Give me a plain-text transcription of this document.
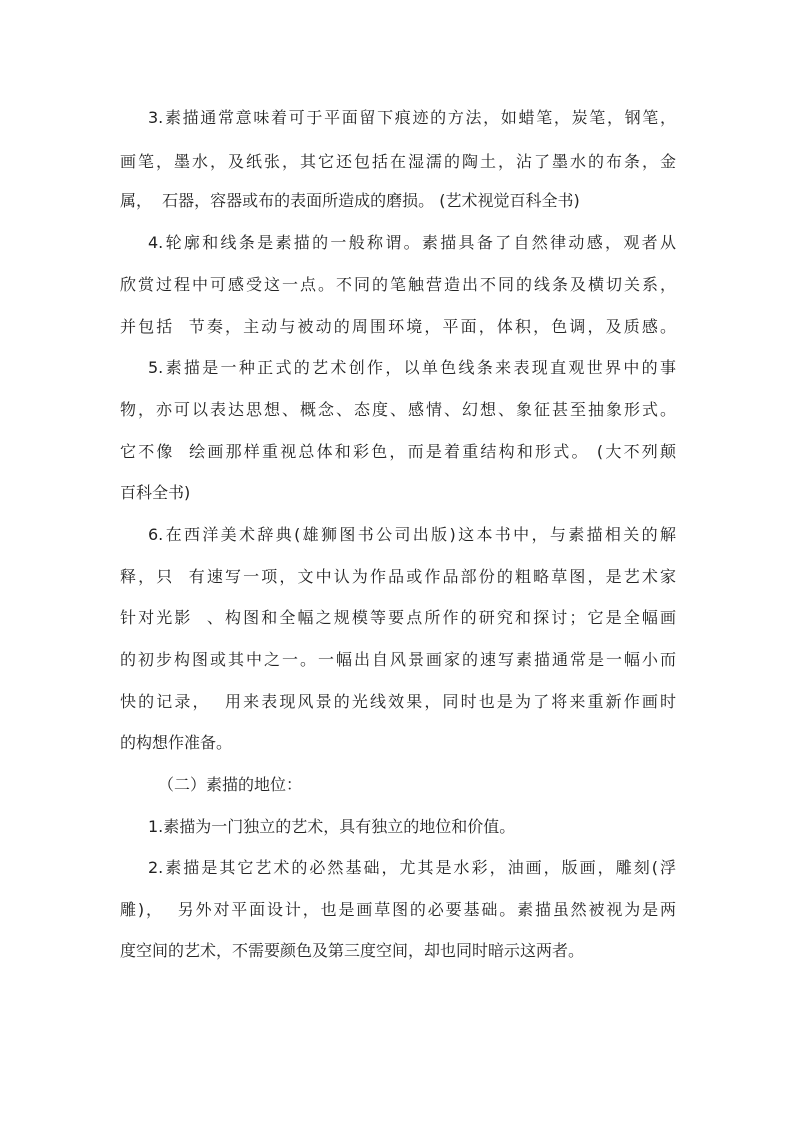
3.素描通常意味着可于平面留下痕迹的方法，如蜡笔，炭笔，钢笔，
画笔，墨水，及纸张，其它还包括在湿濡的陶土，沾了墨水的布条，金
属，  石器，容器或布的表面所造成的磨损。 (艺术视觉百科全书)
4.轮廓和线条是素描的一般称谓。素描具备了自然律动感，观者从
欣赏过程中可感受这一点。不同的笔触营造出不同的线条及横切关系，
并包括  节奏，主动与被动的周围环境，平面，体积，色调，及质感。
5.素描是一种正式的艺术创作，以单色线条来表现直观世界中的事
物，亦可以表达思想、概念、态度、感情、幻想、象征甚至抽象形式。
它不像  绘画那样重视总体和彩色，而是着重结构和形式。 (大不列颠
百科全书)
6.在西洋美术辞典(雄狮图书公司出版)这本书中，与素描相关的解
释，只  有速写一项，文中认为作品或作品部份的粗略草图，是艺术家
针对光影  、构图和全幅之规模等要点所作的研究和探讨；它是全幅画
的初步构图或其中之一。一幅出自风景画家的速写素描通常是一幅小而
快的记录，  用来表现风景的光线效果，同时也是为了将来重新作画时
的构想作准备。
（二）素描的地位：
1.素描为一门独立的艺术，具有独立的地位和价值。
2.素描是其它艺术的必然基础，尤其是水彩，油画，版画，雕刻(浮
雕)，  另外对平面设计，也是画草图的必要基础。素描虽然被视为是两
度空间的艺术，不需要颜色及第三度空间，却也同时暗示这两者。
